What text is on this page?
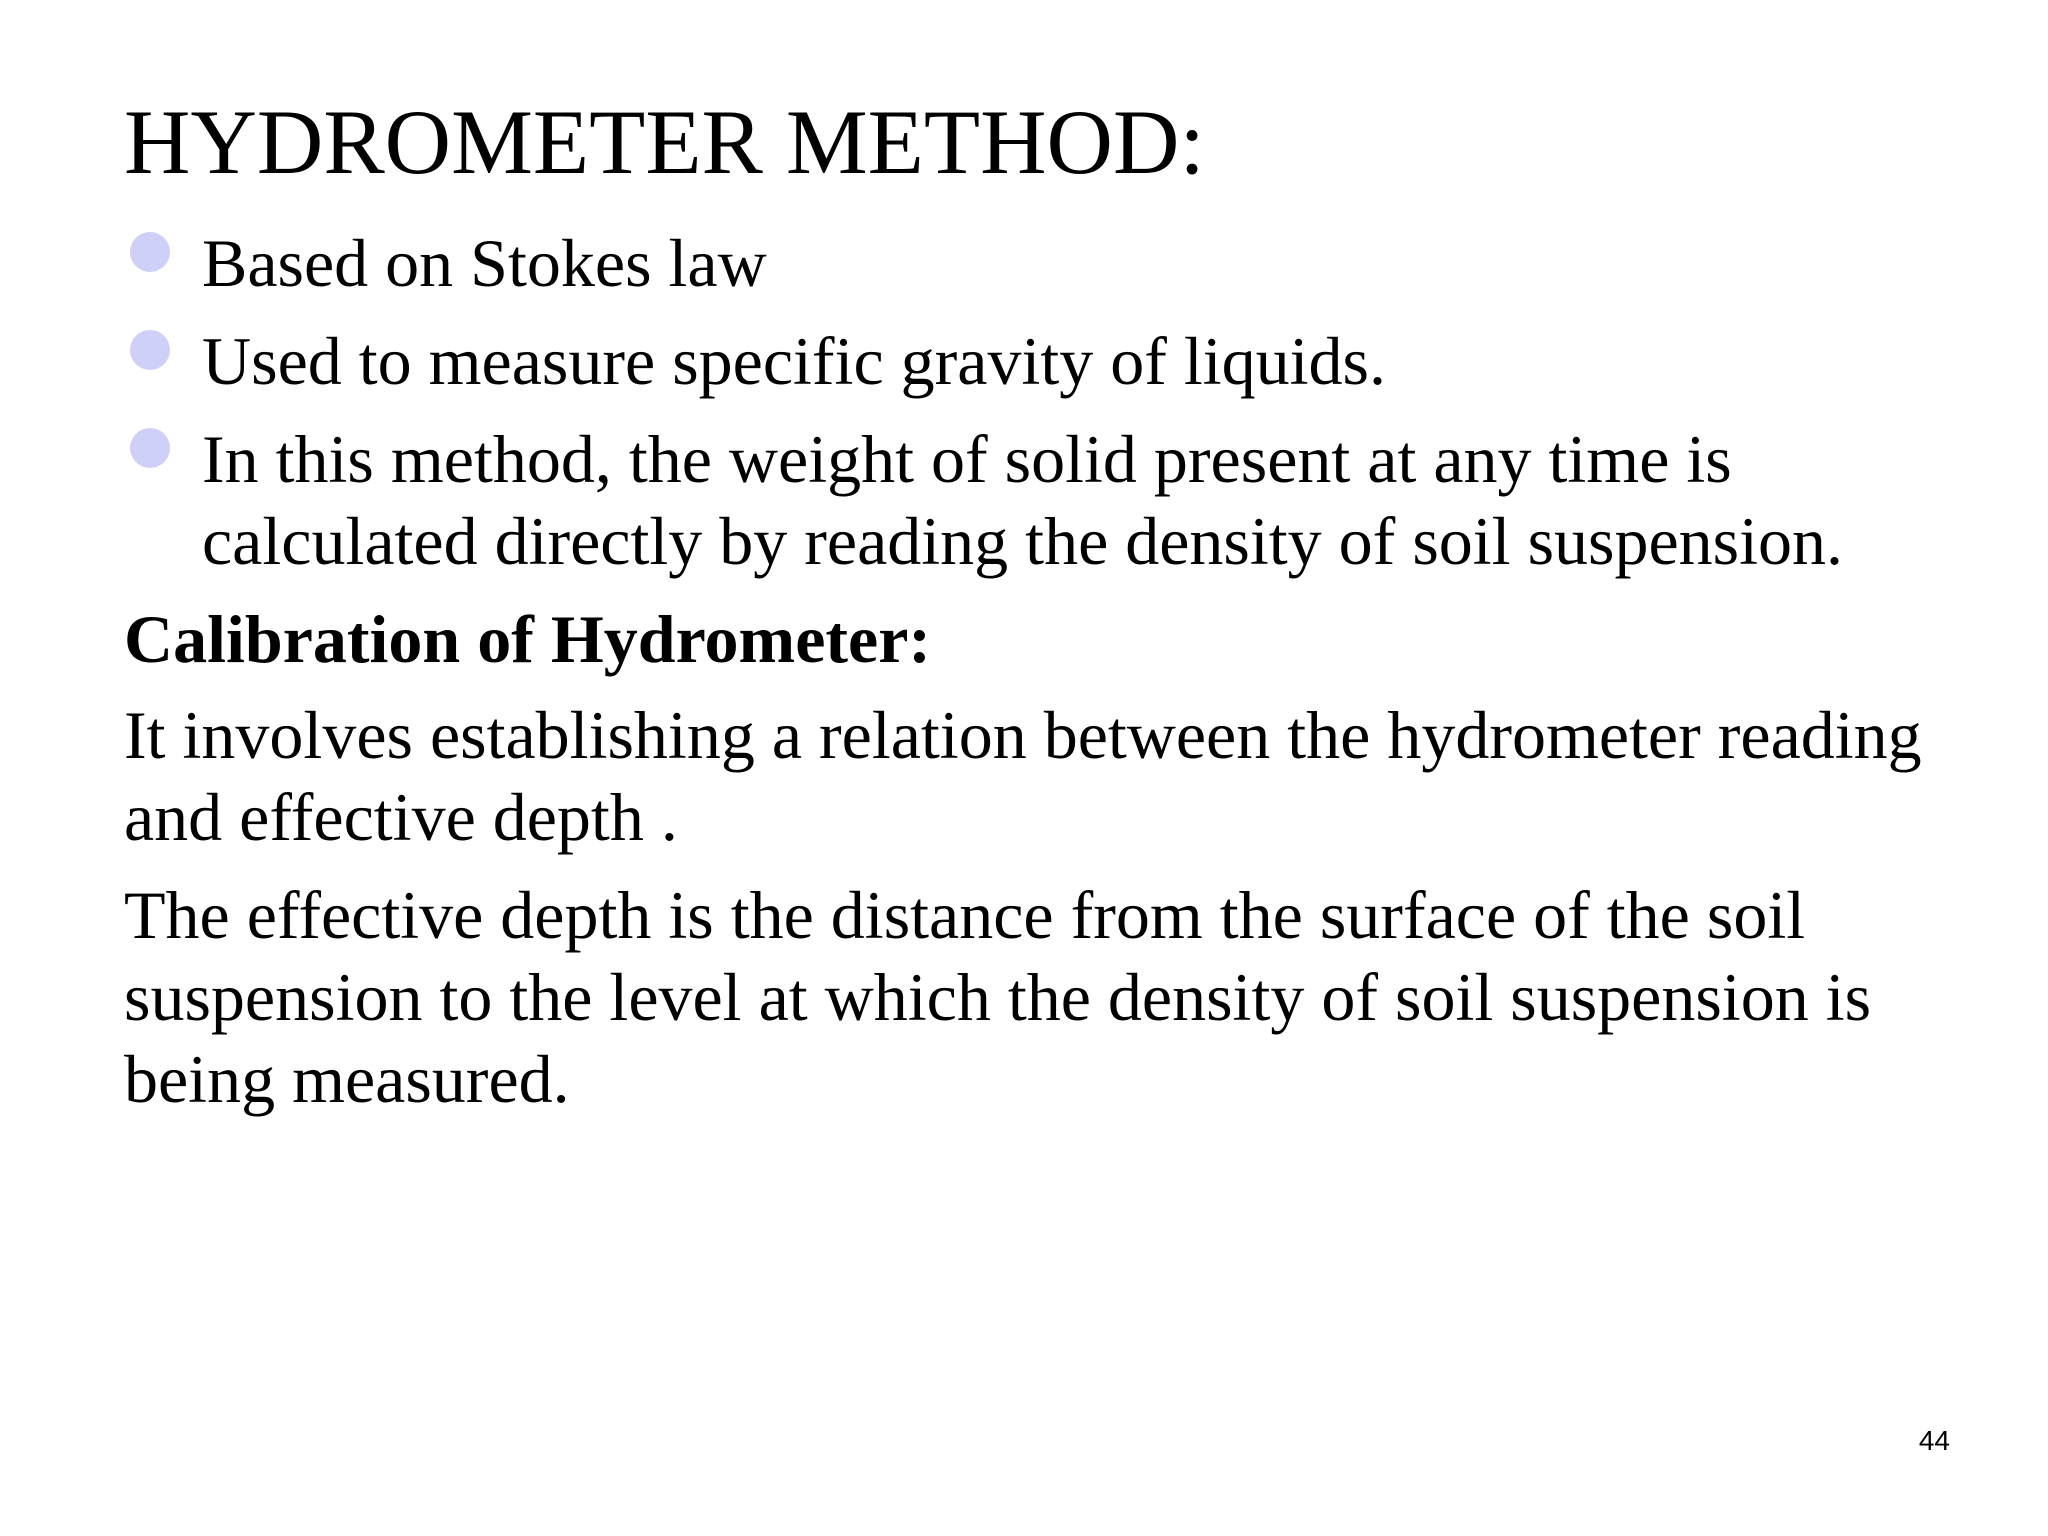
HYDROMETER METHOD:
Based on Stokes law
Used to measure specific gravity of liquids.
In this method, the weight of solid present at any time is calculated directly by reading the density of soil suspension.
Calibration of Hydrometer:

It involves establishing a relation between the hydrometer reading and effective depth .

The effective depth is the distance from the surface of the soil suspension to the level at which the density of soil suspension is being measured.

44
